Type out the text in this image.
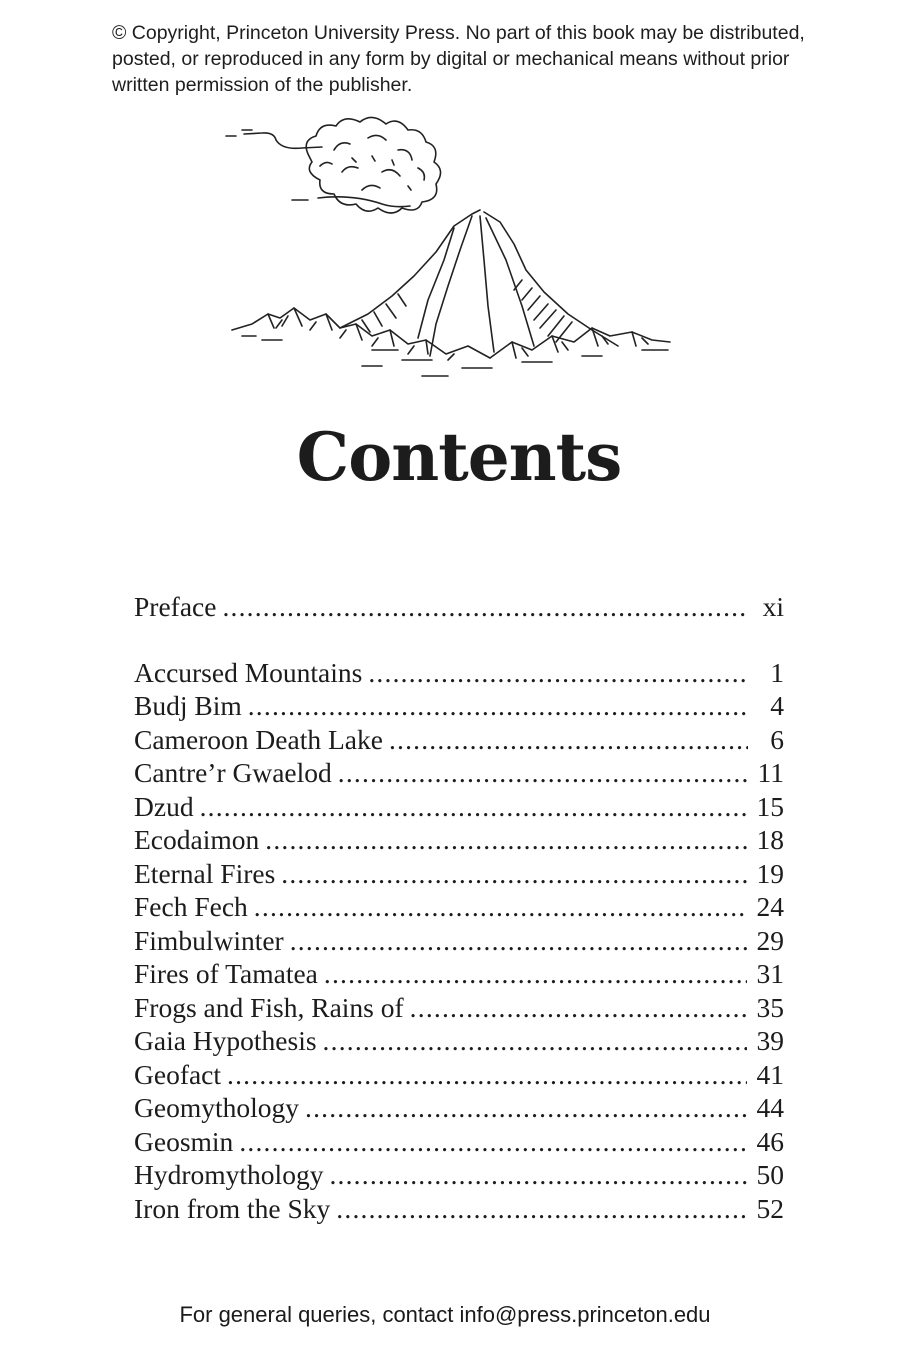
© Copyright, Princeton University Press. No part of this book may be distributed, posted, or reproduced in any form by digital or mechanical means without prior written permission of the publisher.
Contents
Preface .....	xi
Accursed Mountains .....	1
Budj Bim .....	4
Cameroon Death Lake .....	6
Cantre’r Gwaelod .....	11
Dzud .....	15
Ecodaimon .....	18
Eternal Fires .....	19
Fech Fech .....	24
Fimbulwinter .....	29
Fires of Tamatea .....	31
Frogs and Fish, Rains of .....	35
Gaia Hypothesis .....	39
Geofact .....	41
Geomythology .....	44
Geosmin .....	46
Hydromythology .....	50
Iron from the Sky .....	52
For general queries, contact info@press.princeton.edu
